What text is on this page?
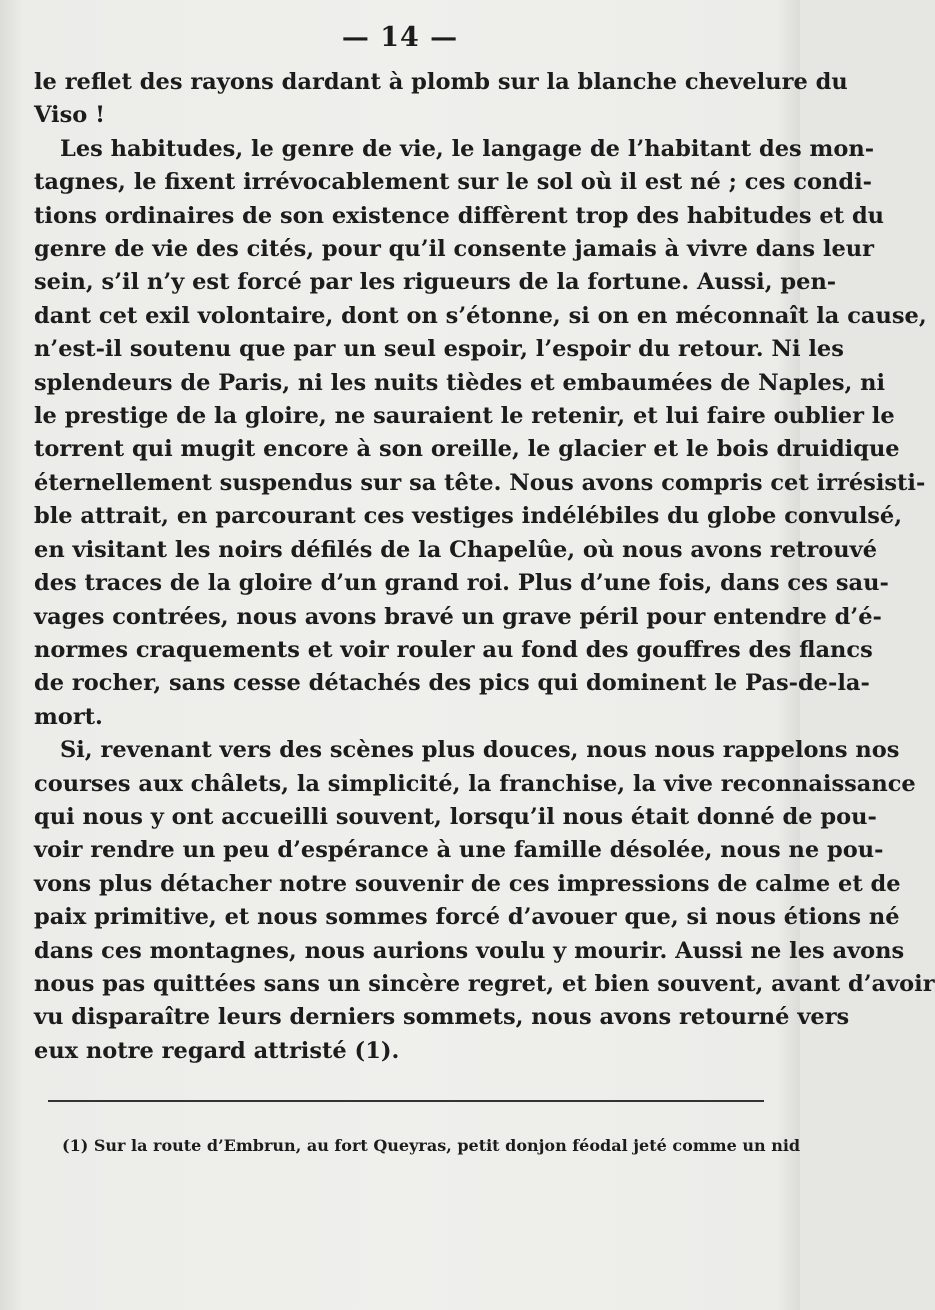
— 14 —
le reflet des rayons dardant à plomb sur la blanche chevelure du
Viso !
Les habitudes, le genre de vie, le langage de l’habitant des mon-
tagnes, le fixent irrévocablement sur le sol où il est né ; ces condi-
tions ordinaires de son existence diffèrent trop des habitudes et du
genre de vie des cités, pour qu’il consente jamais à vivre dans leur
sein, s’il n’y est forcé par les rigueurs de la fortune. Aussi, pen-
dant cet exil volontaire, dont on s’étonne, si on en méconnaît la cause,
n’est-il soutenu que par un seul espoir, l’espoir du retour. Ni les
splendeurs de Paris, ni les nuits tièdes et embaumées de Naples, ni
le prestige de la gloire, ne sauraient le retenir, et lui faire oublier le
torrent qui mugit encore à son oreille, le glacier et le bois druidique
éternellement suspendus sur sa tête. Nous avons compris cet irrésisti-
ble attrait, en parcourant ces vestiges indélébiles du globe convulsé,
en visitant les noirs défilés de la Chapelûe, où nous avons retrouvé
des traces de la gloire d’un grand roi. Plus d’une fois, dans ces sau-
vages contrées, nous avons bravé un grave péril pour entendre d’é-
normes craquements et voir rouler au fond des gouffres des flancs
de rocher, sans cesse détachés des pics qui dominent le Pas-de-la-
mort.
Si, revenant vers des scènes plus douces, nous nous rappelons nos
courses aux châlets, la simplicité, la franchise, la vive reconnaissance
qui nous y ont accueilli souvent, lorsqu’il nous était donné de pou-
voir rendre un peu d’espérance à une famille désolée, nous ne pou-
vons plus détacher notre souvenir de ces impressions de calme et de
paix primitive, et nous sommes forcé d’avouer que, si nous étions né
dans ces montagnes, nous aurions voulu y mourir. Aussi ne les avons
nous pas quittées sans un sincère regret, et bien souvent, avant d’avoir
vu disparaître leurs derniers sommets, nous avons retourné vers
eux notre regard attristé (1).
(1) Sur la route d’Embrun, au fort Queyras, petit donjon féodal jeté comme un nid
